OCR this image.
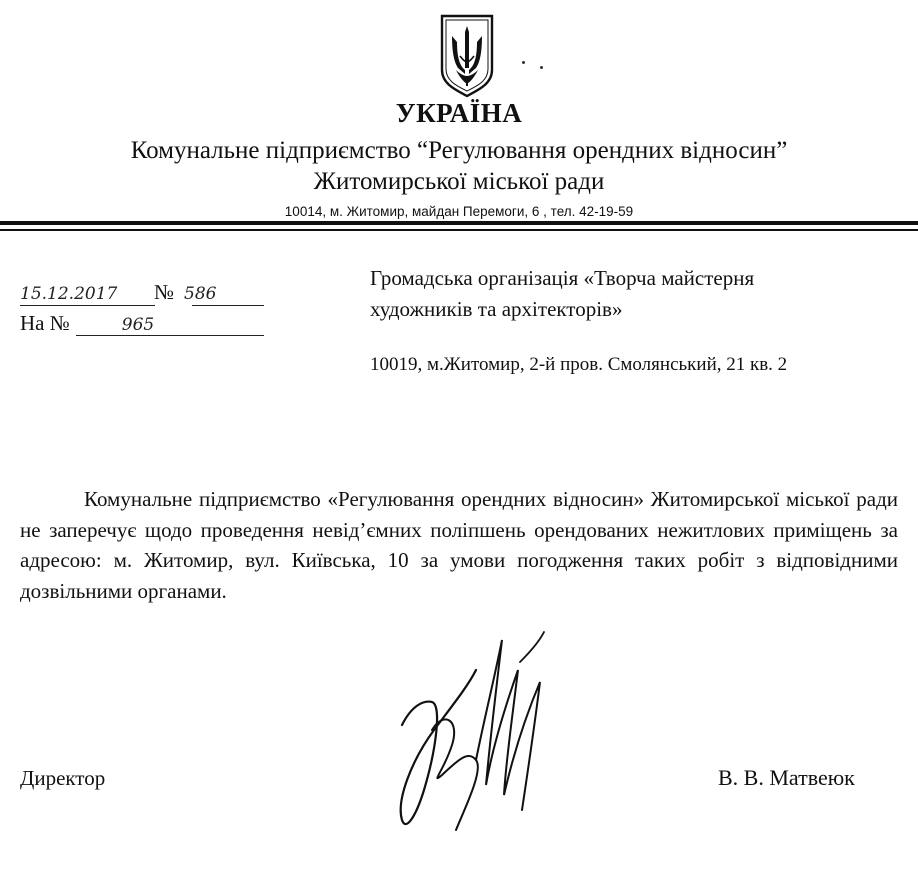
УКРАЇНА
Комунальне підприємство “Регулювання орендних відносин”
Житомирської міської ради
10014, м. Житомир, майдан Перемоги, 6 , тел. 42-19-59
15.12.2017 № 586
На №	965
Громадська організація «Творча майстерня
художників та архітекторів»
10019, м.Житомир, 2-й пров. Смолянський, 21 кв. 2
Комунальне підприємство «Регулювання орендних відносин» Житомирської міської ради не заперечує щодо проведення невід’ємних поліпшень орендованих нежитлових приміщень за адресою: м. Житомир, вул. Київська, 10 за умови погодження таких робіт з відповідними дозвільними органами.
Директор	В. В. Матвеюк
